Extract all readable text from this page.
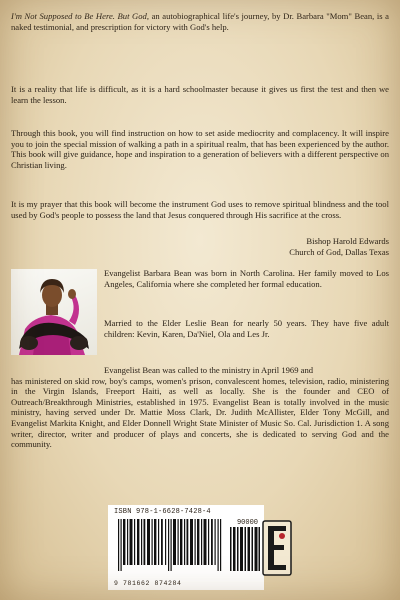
I'm Not Supposed to Be Here. But God, an autobiographical life's journey, by Dr. Barbara "Mom" Bean, is a naked testimonial, and prescription for victory with God's help.

It is a reality that life is difficult, as it is a hard schoolmaster because it gives us first the test and then we learn the lesson.

Through this book, you will find instruction on how to set aside mediocrity and complacency. It will inspire you to join the special mission of walking a path in a spiritual realm, that has been experienced by the author. This book will give guidance, hope and inspiration to a generation of believers with a different perspective on Christian living.

It is my prayer that this book will become the instrument God uses to remove spiritual blindness and the tool used by God's people to possess the land that Jesus conquered through His sacrifice at the cross.

Bishop Harold Edwards
Church of God, Dallas Texas

Evangelist Barbara Bean was born in North Carolina. Her family moved to Los Angeles, California where she completed her formal education.

Married to the Elder Leslie Bean for nearly 50 years. They have five adult children: Kevin, Karen, Da'Niel, Ola and Les Jr.

Evangelist Bean was called to the ministry in April 1969 and
has ministered on skid row, boy's camps, women's prison, convalescent homes, television, radio, ministering in the Virgin Islands, Freeport Haiti, as well as locally. She is the founder and CEO of Outreach/Breakthrough Ministries, established in 1975. Evangelist Bean is totally involved in the music ministry, having served under Dr. Mattie Moss Clark, Dr. Judith McAllister, Elder Tony McGill, and Evangelist Markita Knight, and Elder Donnell Wright State Minister of Music So. Cal. Jurisdiction 1. A song writer, director, writer and producer of plays and concerts, she is dedicated to serving God and the community.

ISBN 978-1-6628-7428-4
90000
9 781662 874284
